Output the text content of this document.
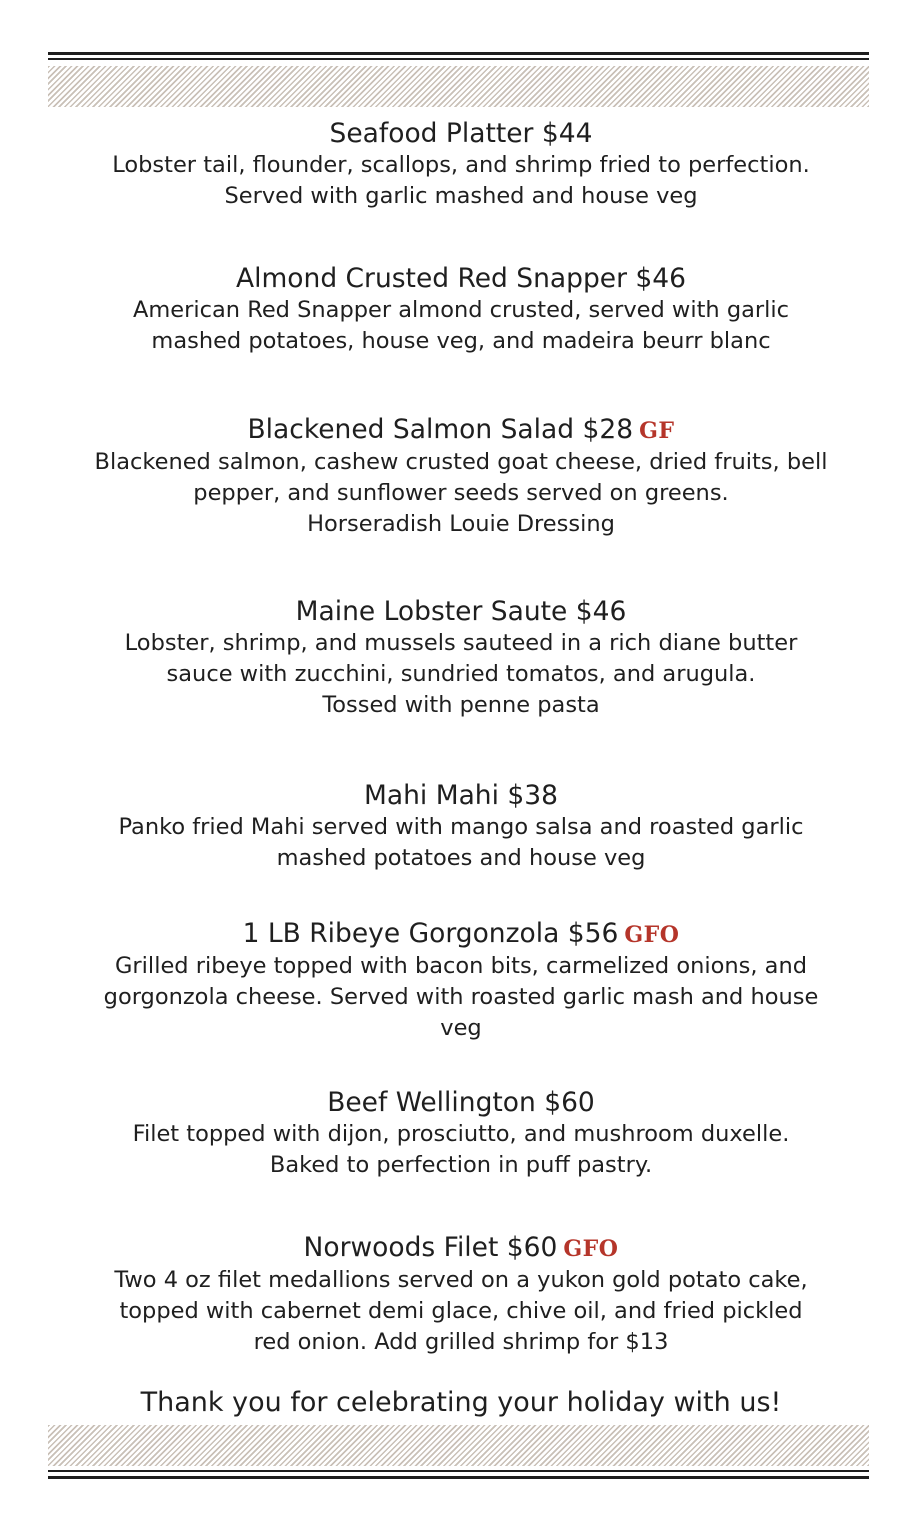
Seafood Platter $44
Lobster tail, flounder, scallops, and shrimp fried to perfection.
Served with garlic mashed and house veg
Almond Crusted Red Snapper $46
American Red Snapper almond crusted, served with garlic
mashed potatoes, house veg, and madeira beurr blanc
Blackened Salmon Salad $28 GF
Blackened salmon, cashew crusted goat cheese, dried fruits, bell
pepper, and sunflower seeds served on greens.
Horseradish Louie Dressing
Maine Lobster Saute $46
Lobster, shrimp, and mussels sauteed in a rich diane butter
sauce with zucchini, sundried tomatos, and arugula.
Tossed with penne pasta
Mahi Mahi $38
Panko fried Mahi served with mango salsa and roasted garlic
mashed potatoes and house veg
1 LB Ribeye Gorgonzola $56 GFO
Grilled ribeye topped with bacon bits, carmelized onions, and
gorgonzola cheese. Served with roasted garlic mash and house
veg
Beef Wellington $60
Filet topped with dijon, prosciutto, and mushroom duxelle.
Baked to perfection in puff pastry.
Norwoods Filet $60 GFO
Two 4 oz filet medallions served on a yukon gold potato cake,
topped with cabernet demi glace, chive oil, and fried pickled
red onion. Add grilled shrimp for $13
Thank you for celebrating your holiday with us!
